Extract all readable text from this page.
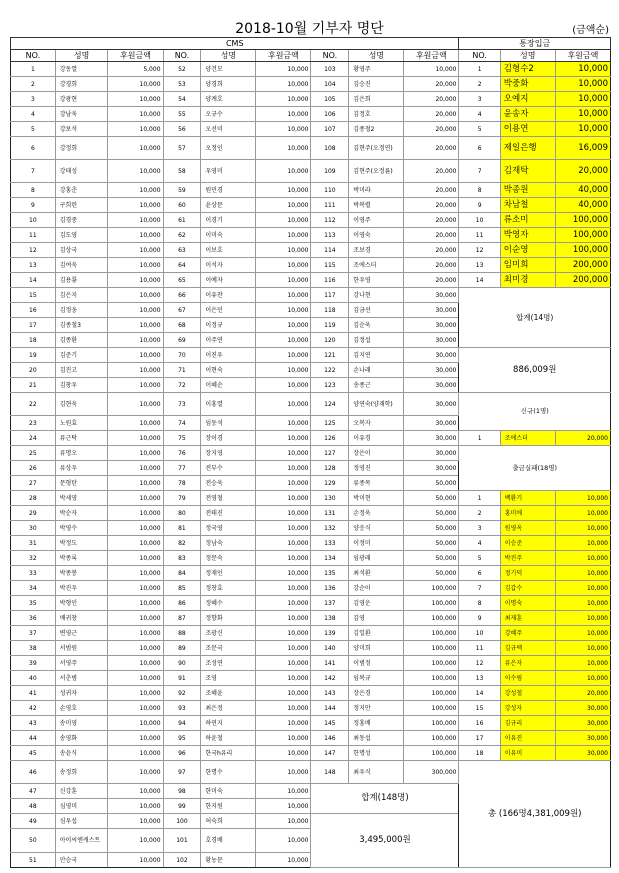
2018-10월 기부자 명단	(금액순)
CMS									통장입금		
NO.	성명	후원금액	NO.	성명	후원금액	NO.	성명	후원금액	NO.	성명	후원금액
1	강동열	5,000	52	양건모	10,000	103	황영주	10,000	1	김형수2	10,000
2	강경희	10,000	53	양경희	10,000	104	김승진	20,000	2	박중화	10,000
3	강광현	10,000	54	양계호	10,000	105	김은희	20,000	3	오예지	10,000
4	강남욱	10,000	55	오규수	10,000	106	김정호	20,000	4	윤송자	10,000
5	강보석	10,000	56	오선미	10,000	107	김종철2	20,000	5	이용연	10,000
6	강정희	10,000	57	오정인	10,000	108	김현주(오정연)	20,000	6	제일은행	16,009
7	강태성	10,000	58	우영미	10,000	109	김현주(오정륜)	20,000	7	김재탁	20,000
8	강홍춘	10,000	59	원민경	10,000	110	박미라	20,000	8	박종원	40,000
9	구희련	10,000	60	윤상문	10,000	111	박복렬	20,000	9	차남철	40,000
10	김경중	10,000	61	이경기	10,000	112	이영주	20,000	10	류소미	100,000
11	김도영	10,000	62	이미숙	10,000	113	이영숙	20,000	11	박영자	100,000
12	김상국	10,000	63	이보호	10,000	114	조보경	20,000	12	이순영	100,000
13	김여욱	10,000	64	이석자	10,000	115	조에스더	20,000	13	임미희	200,000
14	김용룡	10,000	65	이예자	10,000	116	한우영	20,000	14	최미경	200,000
15	김은지	10,000	66	이유찬	10,000	117	강나현	30,000	합계(14명)		
16	김정웅	10,000	67	이은민	10,000	118	김금선	30,000			
17	김종철3	10,000	68	이정규	10,000	119	김순욱	30,000			
18	김종환	10,000	69	이주연	10,000	120	김정섭	30,000			
19	김준기	10,000	70	이진우	10,000	121	김지연	30,000	886,009원		
20	김진고	10,000	71	이현숙	10,000	122	손나래	30,000			
21	김창우	10,000	72	이혜순	10,000	123	송종근	30,000			
22	김현욱	10,000	73	이홍열	10,000	124	양연숙(양재학)	30,000	신규(1명)		
23	노원효	10,000	74	임동석	10,000	125	오복자	30,000			
24	류근탁	10,000	75	장이경	10,000	126	이유경	30,000	1	조에스더	20,000
25	류명오	10,000	76	장지영	10,000	127	장은이	30,000	출금실패(18명)		
26	류상우	10,000	77	전부수	10,000	128	정영진	30,000			
27	문형탄	10,000	78	전승욱	10,000	129	류종목	50,000			
28	박세영	10,000	79	전영철	10,000	130	박미현	50,000	1	백환기	10,000
29	박순자	10,000	80	전태진	10,000	131	손정욱	50,000	2	홍미애	10,000
30	박영수	10,000	81	정국영	10,000	132	양응식	50,000	3	원영옥	10,000
31	박정도	10,000	82	정남숙	10,000	133	이정미	50,000	4	이승준	10,000
32	박종록	10,000	83	정문숙	10,000	134	임광래	50,000	5	박진주	10,000
33	박종봉	10,000	84	정재인	10,000	135	최석환	50,000	6	정기덕	10,000
34	박진우	10,000	85	정창효	10,000	136	강순이	100,000	7	김갑수	10,000
35	박형인	10,000	86	정혜수	10,000	137	김영운	100,000	8	이명숙	10,000
36	배귀창	10,000	87	정향화	10,000	138	김영	100,000	9	최재훈	10,000
37	변영근	10,000	88	조광신	10,000	139	김일환	100,000	10	강혜주	10,000
38	서범원	10,000	89	조문국	10,000	140	양미희	100,000	11	김규택	10,000
39	서영주	10,000	90	조성연	10,000	141	이범정	100,000	12	류은자	10,000
40	서춘범	10,000	91	조영	10,000	142	임복규	100,000	13	이수림	10,000
41	성귀자	10,000	92	조혜윤	10,000	143	장은경	100,000	14	강성철	20,000
42	손영호	10,000	93	최은정	10,000	144	정지만	100,000	15	강성자	30,000
43	송미영	10,000	94	하연지	10,000	145	정홍배	100,000	16	김규리	30,000
44	송영화	10,000	95	하윤철	10,000	146	최동섭	100,000	17	이유진	30,000
45	송윤식	10,000	96	한국h유리	10,000	147	한명성	100,000	18	이유미	30,000
46	송정희	10,000	97	한명수	10,000	148	최우식	300,000	총 (166명4,381,009원)		
47	신강훈	10,000	98	한미숙	10,000	합계(148명)					
48	심영미	10,000	99	한지원	10,000						
49	심우섭	10,000	100	허숙희	10,000	3,495,000원					
50	아이씨엔캐스트	10,000	101	호경배	10,000						
51	안승국	10,000	102	황농문	10,000						
